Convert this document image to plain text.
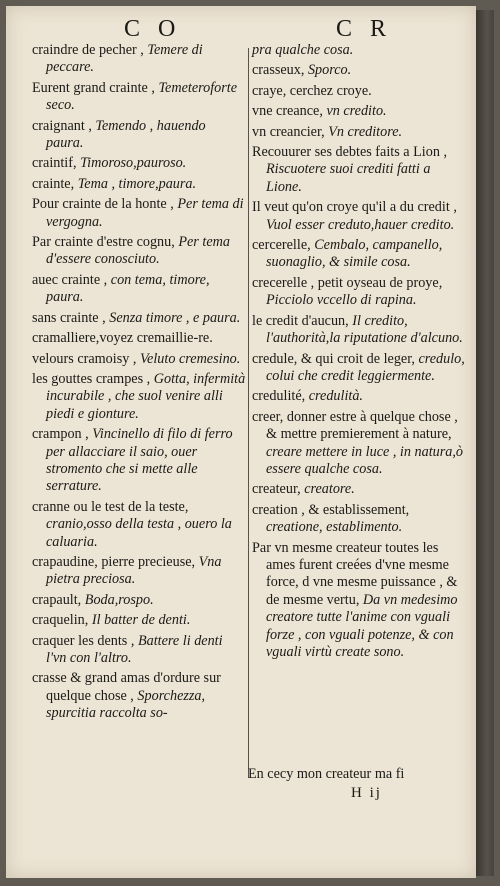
C O	C R
craindre de pecher , Temere di peccare.
Eurent grand crainte , Temeteroforte seco.
craignant , Temendo , hauendo paura.
craintif, Timoroso,pauroso.
crainte, Tema , timore,paura.
Pour crainte de la honte , Per tema di vergogna.
Par crainte d'estre cognu, Per tema d'essere conosciuto.
auec crainte , con tema, timore, paura.
sans crainte , Senza timore , e paura.
cramalliere,voyez cremaillie-re.
velours cramoisy , Veluto cremesino.
les gouttes crampes , Gotta, infermità incurabile , che suol venire alli piedi e gionture.
crampon , Vincinello di filo di ferro per allacciare il saio, ouer stromento che si mette alle serrature.
cranne ou le test de la teste, cranio,osso della testa , ouero la caluaria.
crapaudine, pierre precieuse, Vna pietra preciosa.
crapault, Boda,rospo.
craquelin, Il batter de denti.
craquer les dents , Battere li denti l'vn con l'altro.
crasse & grand amas d'ordure sur quelque chose , Sporchezza, spurcitia raccolta so-
pra qualche cosa.
crasseux, Sporco.
craye, cerchez croye.
vne creance, vn credito.
vn creancier, Vn creditore.
Recouurer ses debtes faits a Lion , Riscuotere suoi crediti fatti a Lione.
Il veut qu'on croye qu'il a du credit , Vuol esser creduto,hauer credito.
cercerelle, Cembalo, campanello, suonaglio, & simile cosa.
crecerelle , petit oyseau de proye, Picciolo vccello di rapina.
le credit d'aucun, Il credito, l'authorità,la riputatione d'alcuno.
credule, & qui croit de leger, credulo, colui che credit leggiermente.
credulité, credulità.
creer, donner estre à quelque chose , & mettre premierement à nature, creare mettere in luce , in natura,ò essere qualche cosa.
createur, creatore.
creation , & establissement, creatione, establimento.
Par vn mesme createur toutes les ames furent creées d'vne mesme force, d vne mesme puissance , & de mesme vertu, Da vn medesimo creatore tutte l'anime con vguali forze , con vguali potenze, & con vguali virtù create sono.
En cecy mon createur ma fi
H ij
